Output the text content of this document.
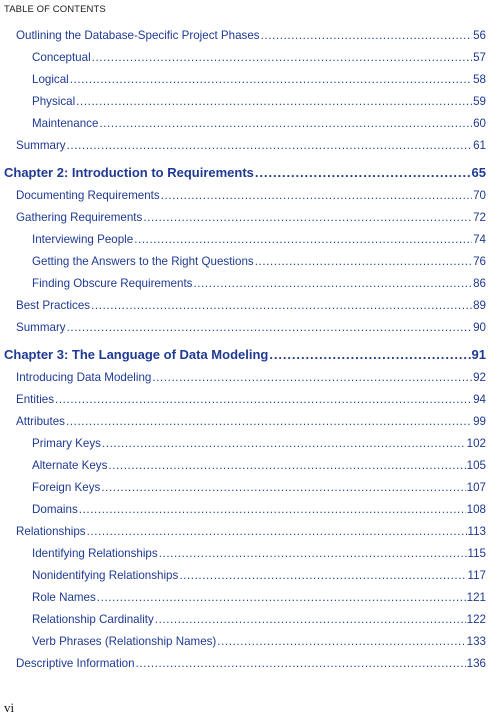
TABLE OF CONTENTS
Outlining the Database-Specific Project Phases .....	56
Conceptual .....	57
Logical .....	58
Physical .....	59
Maintenance .....	60
Summary .....	61
Chapter 2: Introduction to Requirements .....	65
Documenting Requirements .....	70
Gathering Requirements .....	72
Interviewing People .....	74
Getting the Answers to the Right Questions .....	76
Finding Obscure Requirements .....	86
Best Practices .....	89
Summary .....	90
Chapter 3: The Language of Data Modeling .....	91
Introducing Data Modeling .....	92
Entities .....	94
Attributes .....	99
Primary Keys .....	102
Alternate Keys .....	105
Foreign Keys .....	107
Domains .....	108
Relationships .....	113
Identifying Relationships .....	115
Nonidentifying Relationships .....	117
Role Names .....	121
Relationship Cardinality .....	122
Verb Phrases (Relationship Names) .....	133
Descriptive Information .....	136
vi
